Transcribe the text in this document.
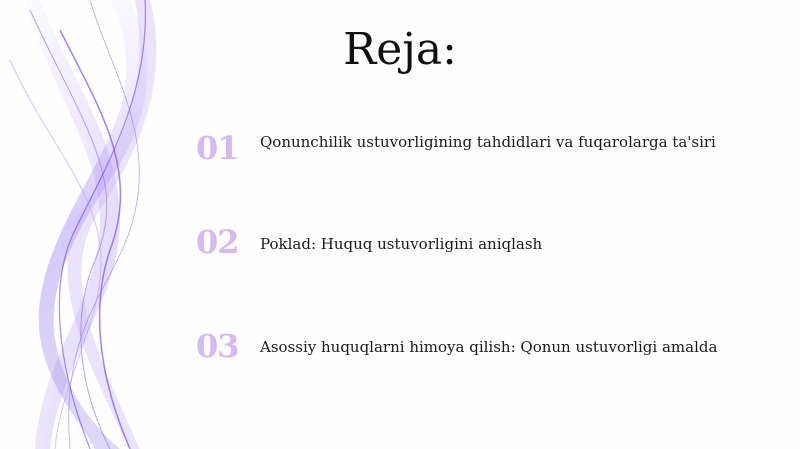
Reja:
01	Qonunchilik ustuvorligining tahdidlari va fuqarolarga ta'siri
02	Poklad: Huquq ustuvorligini aniqlash
03	Asossiy huquqlarni himoya qilish: Qonun ustuvorligi amalda
